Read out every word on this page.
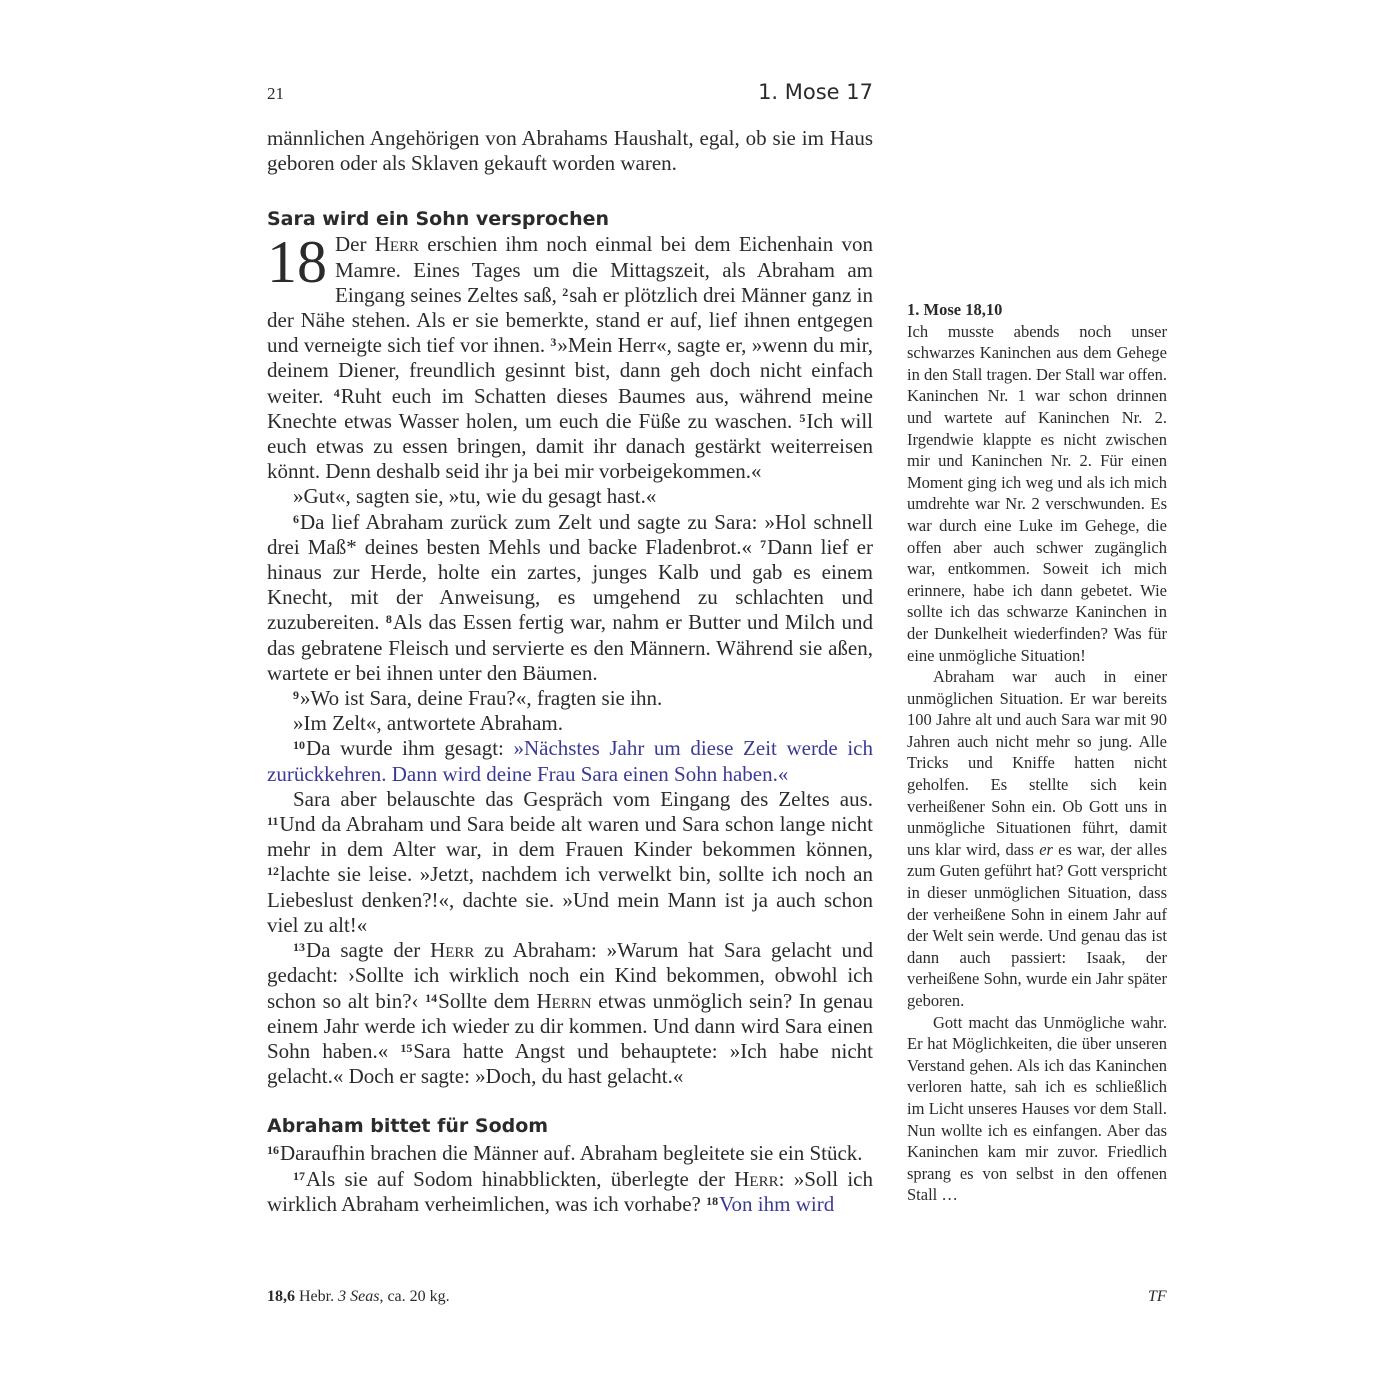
21	1. Mose 17

männlichen Angehörigen von Abrahams Haushalt, egal, ob sie im Haus geboren oder als Sklaven gekauft worden waren.

Sara wird ein Sohn versprochen

18 Der Herr erschien ihm noch einmal bei dem Eichenhain von Mamre. Eines Tages um die Mittagszeit, als Abraham am Eingang seines Zeltes saß, $^2$sah er plötzlich drei Männer ganz in der Nähe stehen. Als er sie bemerkte, stand er auf, lief ihnen entgegen und verneigte sich tief vor ihnen. $^3$»Mein Herr«, sagte er, »wenn du mir, deinem Diener, freundlich gesinnt bist, dann geh doch nicht einfach weiter. $^4$Ruht euch im Schatten dieses Baumes aus, während meine Knechte etwas Wasser holen, um euch die Füße zu waschen. $^5$Ich will euch etwas zu essen bringen, damit ihr danach gestärkt weiterreisen könnt. Denn deshalb seid ihr ja bei mir vorbeigekommen.«

»Gut«, sagten sie, »tu, wie du gesagt hast.«

$^6$Da lief Abraham zurück zum Zelt und sagte zu Sara: »Hol schnell drei Maß* deines besten Mehls und backe Fladenbrot.« $^7$Dann lief er hinaus zur Herde, holte ein zartes, junges Kalb und gab es einem Knecht, mit der Anweisung, es umgehend zu schlachten und zuzubereiten. $^8$Als das Essen fertig war, nahm er Butter und Milch und das gebratene Fleisch und servierte es den Männern. Während sie aßen, wartete er bei ihnen unter den Bäumen.

$^9$»Wo ist Sara, deine Frau?«, fragten sie ihn.

»Im Zelt«, antwortete Abraham.

$^{10}$Da wurde ihm gesagt: »Nächstes Jahr um diese Zeit werde ich zurückkehren. Dann wird deine Frau Sara einen Sohn haben.«

Sara aber belauschte das Gespräch vom Eingang des Zeltes aus. $^{11}$Und da Abraham und Sara beide alt waren und Sara schon lange nicht mehr in dem Alter war, in dem Frauen Kinder bekommen können, $^{12}$lachte sie leise. »Jetzt, nachdem ich verwelkt bin, sollte ich noch an Liebeslust denken?!«, dachte sie. »Und mein Mann ist ja auch schon viel zu alt!«

$^{13}$Da sagte der Herr zu Abraham: »Warum hat Sara gelacht und gedacht: ›Sollte ich wirklich noch ein Kind bekommen, obwohl ich schon so alt bin?‹ $^{14}$Sollte dem Herrn etwas unmöglich sein? In genau einem Jahr werde ich wieder zu dir kommen. Und dann wird Sara einen Sohn haben.« $^{15}$Sara hatte Angst und behauptete: »Ich habe nicht gelacht.« Doch er sagte: »Doch, du hast gelacht.«

Abraham bittet für Sodom

$^{16}$Daraufhin brachen die Männer auf. Abraham begleitete sie ein Stück.

$^{17}$Als sie auf Sodom hinabblickten, überlegte der Herr: »Soll ich wirklich Abraham verheimlichen, was ich vorhabe? $^{18}$Von ihm wird

18,6 Hebr. 3 Seas, ca. 20 kg.

1. Mose 18,10

Ich musste abends noch unser schwarzes Kaninchen aus dem Gehege in den Stall tragen. Der Stall war offen. Kaninchen Nr. 1 war schon drinnen und wartete auf Kaninchen Nr. 2. Irgendwie klappte es nicht zwischen mir und Kaninchen Nr. 2. Für einen Moment ging ich weg und als ich mich umdrehte war Nr. 2 verschwunden. Es war durch eine Luke im Gehege, die offen aber auch schwer zugänglich war, entkommen. Soweit ich mich erinnere, habe ich dann gebetet. Wie sollte ich das schwarze Kaninchen in der Dunkelheit wiederfinden? Was für eine unmögliche Situation!

Abraham war auch in einer unmöglichen Situation. Er war bereits 100 Jahre alt und auch Sara war mit 90 Jahren auch nicht mehr so jung. Alle Tricks und Kniffe hatten nicht geholfen. Es stellte sich kein verheißener Sohn ein. Ob Gott uns in unmögliche Situationen führt, damit uns klar wird, dass er es war, der alles zum Guten geführt hat? Gott verspricht in dieser unmöglichen Situation, dass der verheißene Sohn in einem Jahr auf der Welt sein werde. Und genau das ist dann auch passiert: Isaak, der verheißene Sohn, wurde ein Jahr später geboren.

Gott macht das Unmögliche wahr. Er hat Möglichkeiten, die über unseren Verstand gehen. Als ich das Kaninchen verloren hatte, sah ich es schließlich im Licht unseres Hauses vor dem Stall. Nun wollte ich es einfangen. Aber das Kaninchen kam mir zuvor. Friedlich sprang es von selbst in den offenen Stall …

TF
